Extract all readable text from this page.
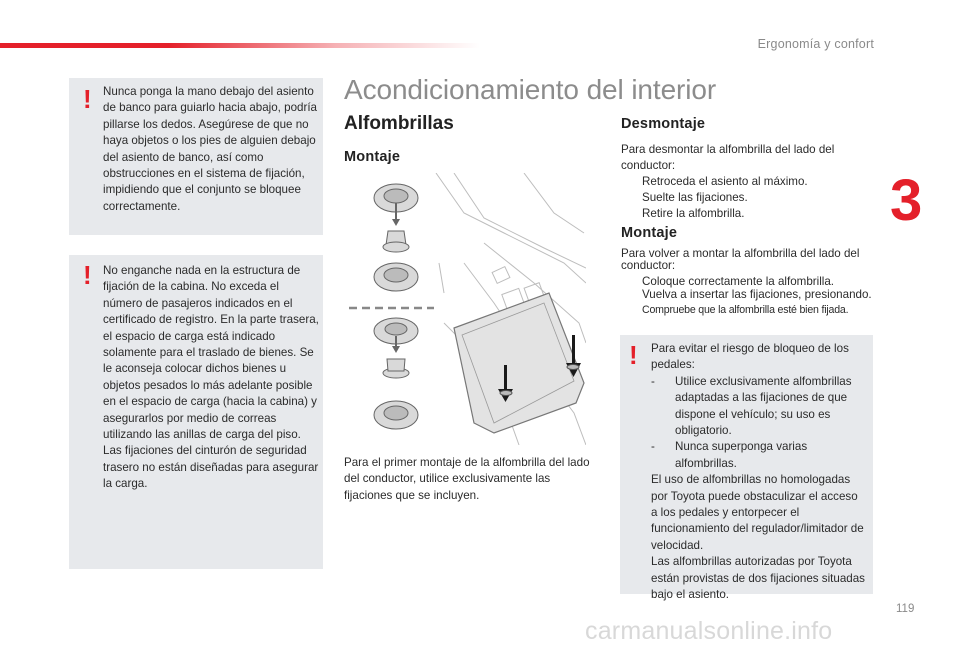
Ergonomía y confort
3
! Nunca ponga la mano debajo del asiento de banco para guiarlo hacia abajo, podría pillarse los dedos. Asegúrese de que no haya objetos o los pies de alguien debajo del asiento de banco, así como obstrucciones en el sistema de fijación, impidiendo que el conjunto se bloquee correctamente.

! No enganche nada en la estructura de fijación de la cabina. No exceda el número de pasajeros indicados en el certificado de registro. En la parte trasera, el espacio de carga está indicado solamente para el traslado de bienes. Se le aconseja colocar dichos bienes u objetos pesados lo más adelante posible en el espacio de carga (hacia la cabina) y asegurarlos por medio de correas utilizando las anillas de carga del piso. Las fijaciones del cinturón de seguridad trasero no están diseñadas para asegurar la carga.

Acondicionamiento del interior
Alfombrillas
Montaje

Para el primer montaje de la alfombrilla del lado del conductor, utilice exclusivamente las fijaciones que se incluyen.

Desmontaje

Para desmontar la alfombrilla del lado del conductor:

Retroceda el asiento al máximo.
Suelte las fijaciones.
Retire la alfombrilla.
Montaje

Para volver a montar la alfombrilla del lado del conductor:

Coloque correctamente la alfombrilla.
Vuelva a insertar las fijaciones, presionando.
Compruebe que la alfombrilla esté bien fijada.
! Para evitar el riesgo de bloqueo de los pedales:

- Utilice exclusivamente alfombrillas adaptadas a las fijaciones de que dispone el vehículo; su uso es obligatorio.

- Nunca superponga varias alfombrillas.

El uso de alfombrillas no homologadas por Toyota puede obstaculizar el acceso a los pedales y entorpecer el funcionamiento del regulador/limitador de velocidad.

Las alfombrillas autorizadas por Toyota están provistas de dos fijaciones situadas bajo el asiento.

119
carmanualsonline.info
